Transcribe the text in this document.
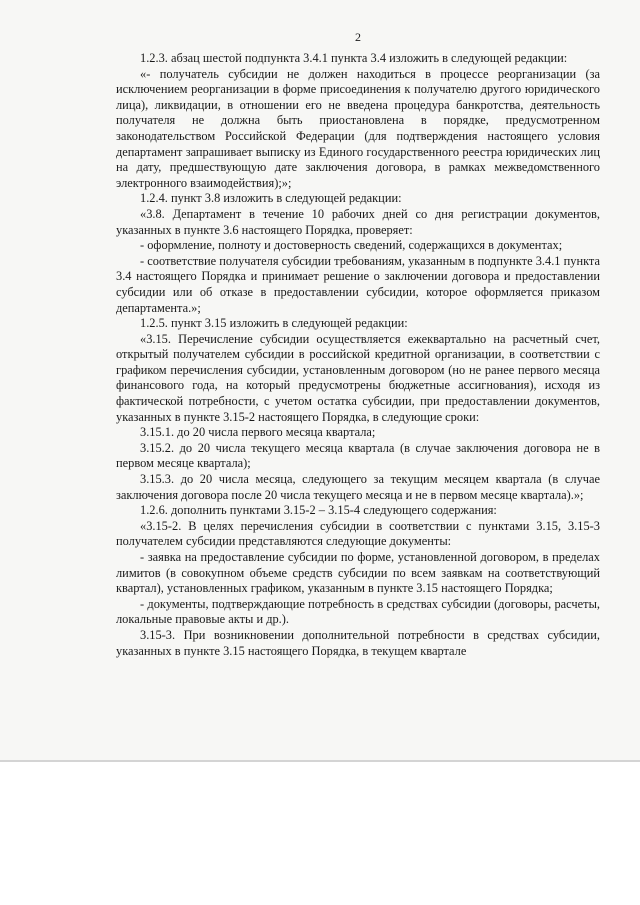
2

1.2.3. абзац шестой подпункта 3.4.1 пункта 3.4 изложить в следующей редакции:

«- получатель субсидии не должен находиться в процессе реорганизации (за исключением реорганизации в форме присоединения к получателю другого юридического лица), ликвидации, в отношении его не введена процедура банкротства, деятельность получателя не должна быть приостановлена в порядке, предусмотренном законодательством Российской Федерации (для подтверждения настоящего условия департамент запрашивает выписку из Единого государственного реестра юридических лиц на дату, предшествующую дате заключения договора, в рамках межведомственного электронного взаимодействия);»;

1.2.4. пункт 3.8 изложить в следующей редакции:

«3.8. Департамент в течение 10 рабочих дней со дня регистрации документов, указанных в пункте 3.6 настоящего Порядка, проверяет:

- оформление, полноту и достоверность сведений, содержащихся в документах;

- соответствие получателя субсидии требованиям, указанным в подпункте 3.4.1 пункта 3.4 настоящего Порядка и принимает решение о заключении договора и предоставлении субсидии или об отказе в предоставлении субсидии, которое оформляется приказом департамента.»;

1.2.5. пункт 3.15 изложить в следующей редакции:

«3.15. Перечисление субсидии осуществляется ежеквартально на расчетный счет, открытый получателем субсидии в российской кредитной организации, в соответствии с графиком перечисления субсидии, установленным договором (но не ранее первого месяца финансового года, на который предусмотрены бюджетные ассигнования), исходя из фактической потребности, с учетом остатка субсидии, при предоставлении документов, указанных в пункте 3.15-2 настоящего Порядка, в следующие сроки:

3.15.1. до 20 числа первого месяца квартала;

3.15.2. до 20 числа текущего месяца квартала (в случае заключения договора не в первом месяце квартала);

3.15.3. до 20 числа месяца, следующего за текущим месяцем квартала (в случае заключения договора после 20 числа текущего месяца и не в первом месяце квартала).»;

1.2.6. дополнить пунктами 3.15-2 – 3.15-4 следующего содержания:

«3.15-2. В целях перечисления субсидии в соответствии с пунктами 3.15, 3.15-3 получателем субсидии представляются следующие документы:

- заявка на предоставление субсидии по форме, установленной договором, в пределах лимитов (в совокупном объеме средств субсидии по всем заявкам на соответствующий квартал), установленных графиком, указанным в пункте 3.15 настоящего Порядка;

- документы, подтверждающие потребность в средствах субсидии (договоры, расчеты, локальные правовые акты и др.).

3.15-3. При возникновении дополнительной потребности в средствах субсидии, указанных в пункте 3.15 настоящего Порядка, в текущем квартале
